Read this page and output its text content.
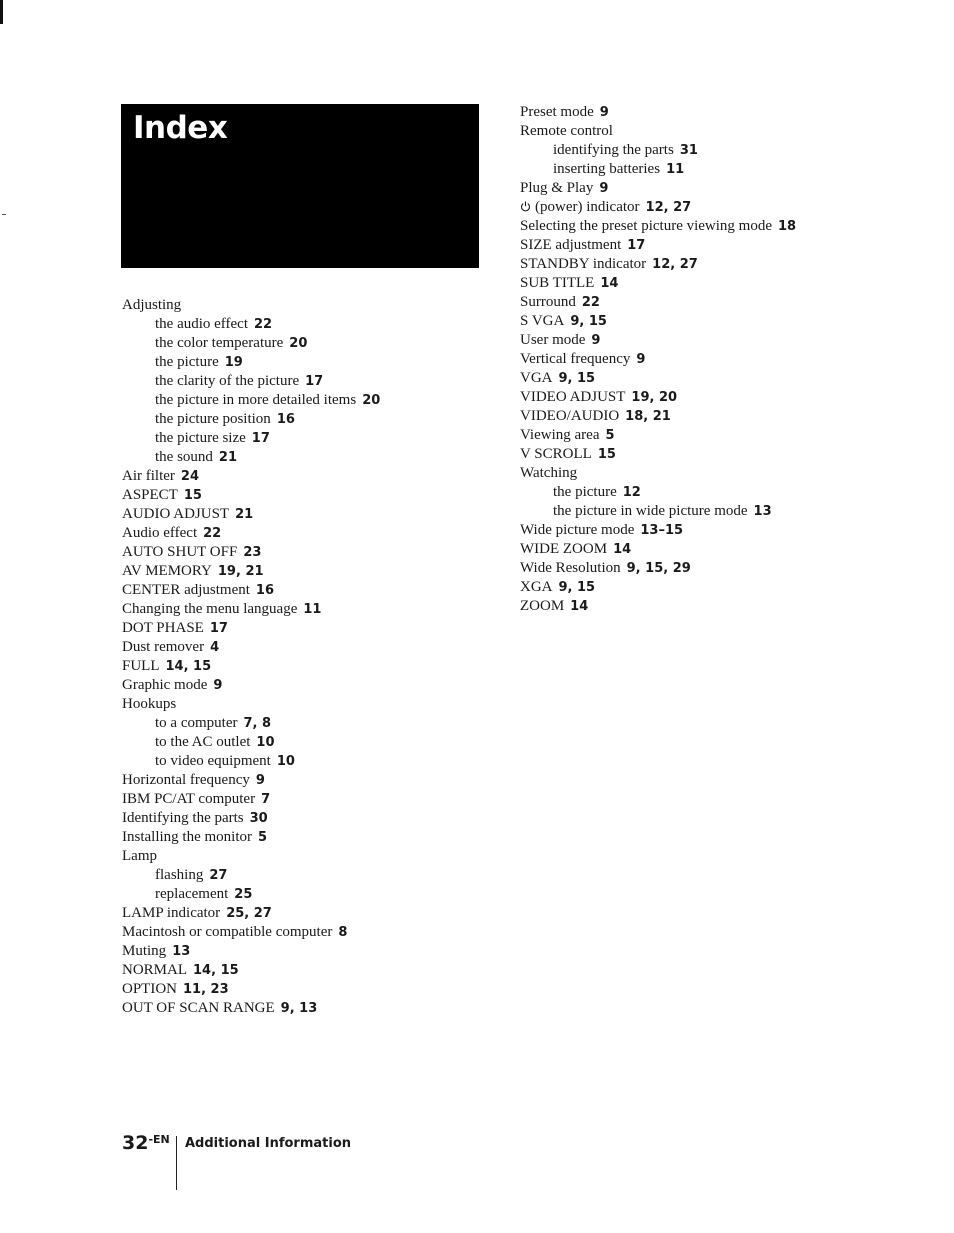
Index
Adjusting
the audio effect 22
the color temperature 20
the picture 19
the clarity of the picture 17
the picture in more detailed items 20
the picture position 16
the picture size 17
the sound 21
Air filter 24
ASPECT 15
AUDIO ADJUST 21
Audio effect 22
AUTO SHUT OFF 23
AV MEMORY 19, 21
CENTER adjustment 16
Changing the menu language 11
DOT PHASE 17
Dust remover 4
FULL 14, 15
Graphic mode 9
Hookups
to a computer 7, 8
to the AC outlet 10
to video equipment 10
Horizontal frequency 9
IBM PC/AT computer 7
Identifying the parts 30
Installing the monitor 5
Lamp
flashing 27
replacement 25
LAMP indicator 25, 27
Macintosh or compatible computer 8
Muting 13
NORMAL 14, 15
OPTION 11, 23
OUT OF SCAN RANGE 9, 13
Preset mode 9
Remote control
identifying the parts 31
inserting batteries 11
Plug & Play 9
(power) indicator 12, 27
Selecting the preset picture viewing mode 18
SIZE adjustment 17
STANDBY indicator 12, 27
SUB TITLE 14
Surround 22
S VGA 9, 15
User mode 9
Vertical frequency 9
VGA 9, 15
VIDEO ADJUST 19, 20
VIDEO/AUDIO 18, 21
Viewing area 5
V SCROLL 15
Watching
the picture 12
the picture in wide picture mode 13
Wide picture mode 13–15
WIDE ZOOM 14
Wide Resolution 9, 15, 29
XGA 9, 15
ZOOM 14
$32^{-EN}$ Additional Information
